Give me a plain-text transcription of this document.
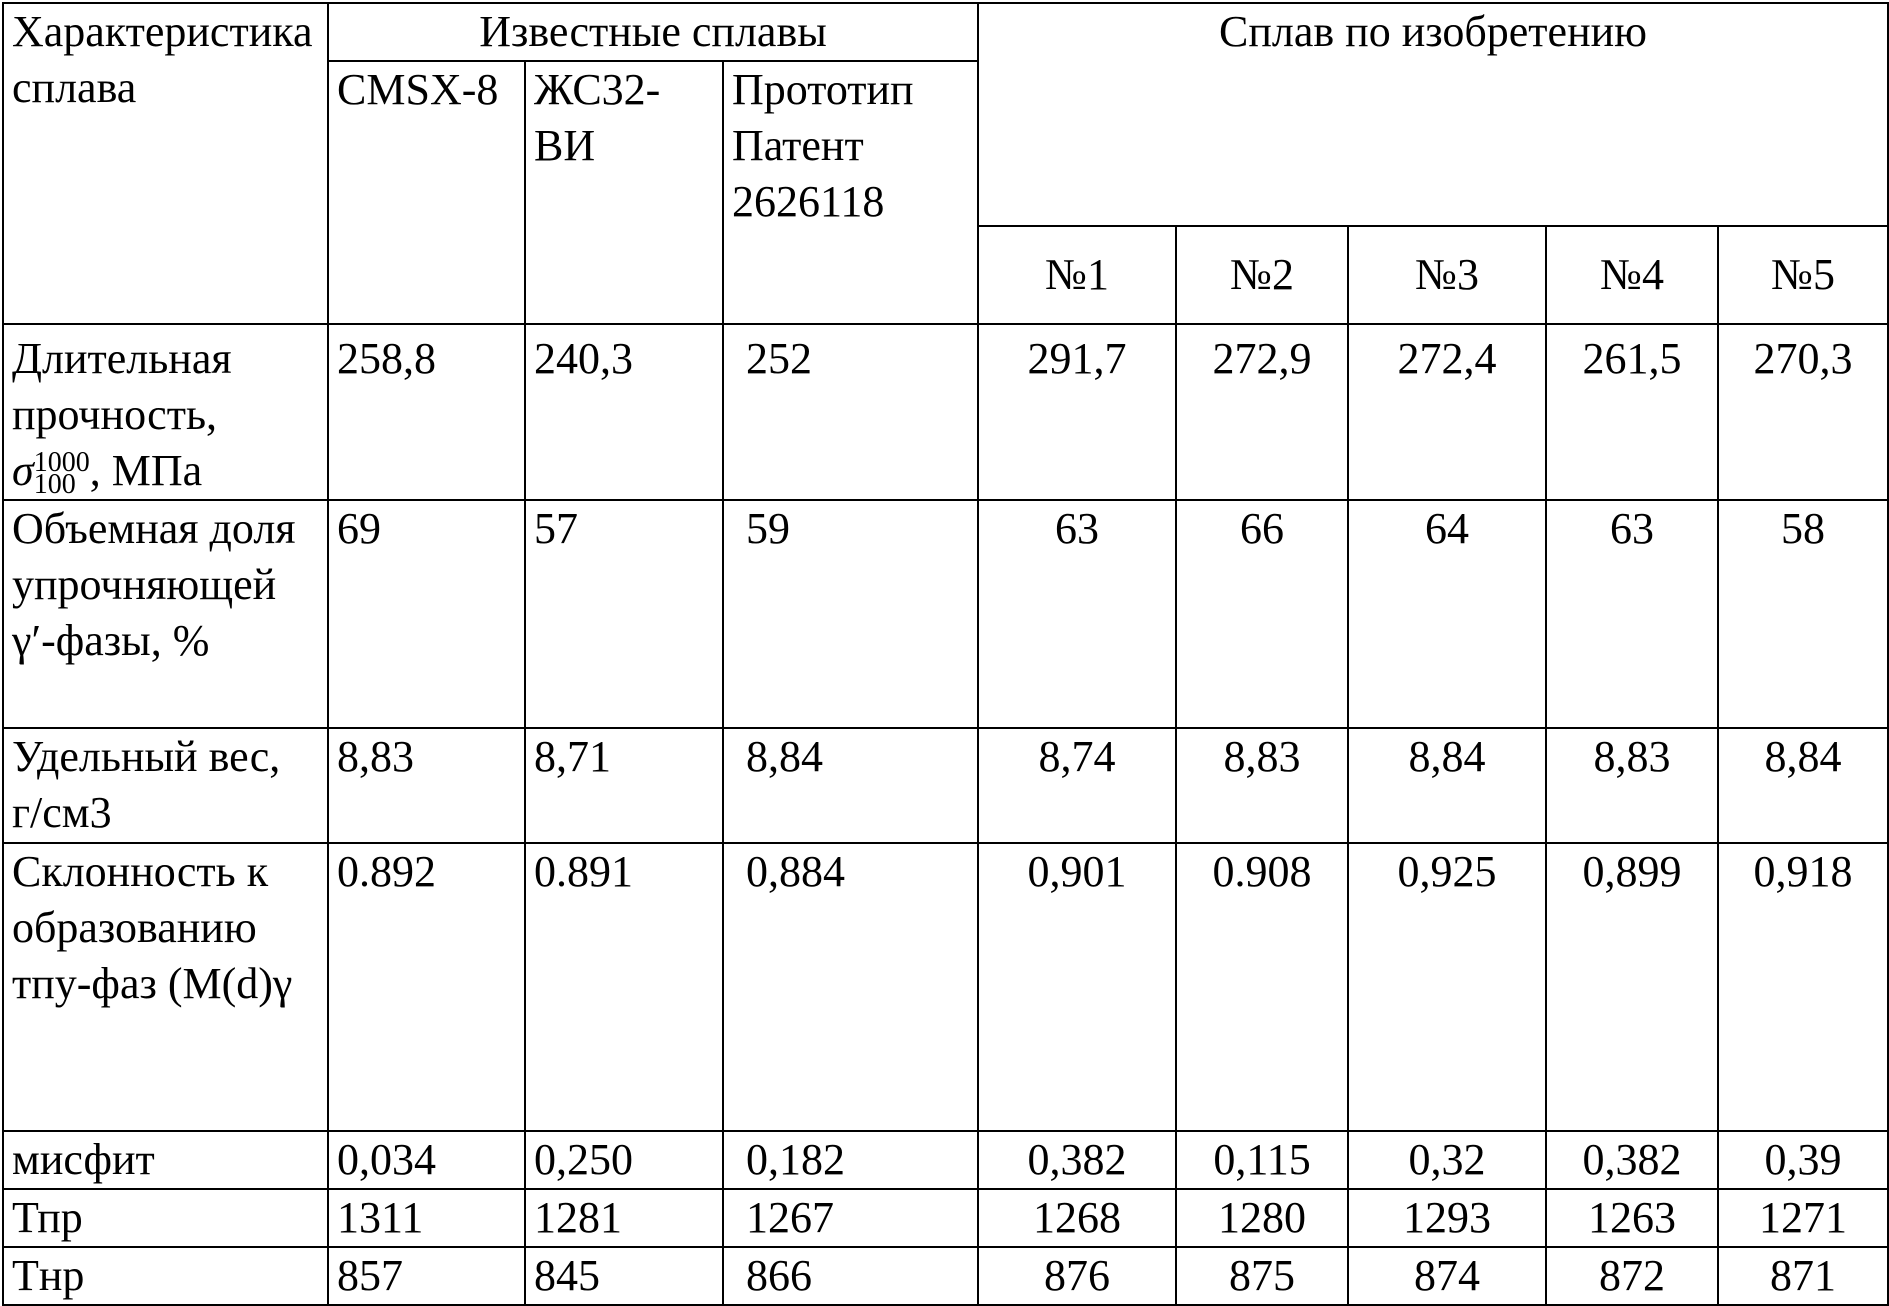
Характеристика сплава	Известные сплавы			Сплав по изобретению				
	CMSX-8	ЖС32-ВИ	Прототип Патент 2626118					
				№1	№2	№3	№4	№5
Длительная прочность,
σ 1000
100 , МПа	258,8	240,3	252	291,7	272,9	272,4	261,5	270,3
Объемная доля упрочняющей γ′-фазы, %	69	57	59	63	66	64	63	58
Удельный вес, г/см3	8,83	8,71	8,84	8,74	8,83	8,84	8,83	8,84
Склонность к образованию тпу-фаз (M(d)γ	0.892	0.891	0,884	0,901	0.908	0,925	0,899	0,918
мисфит	0,034	0,250	0,182	0,382	0,115	0,32	0,382	0,39
Тпр	1311	1281	1267	1268	1280	1293	1263	1271
Тнр	857	845	866	876	875	874	872	871
